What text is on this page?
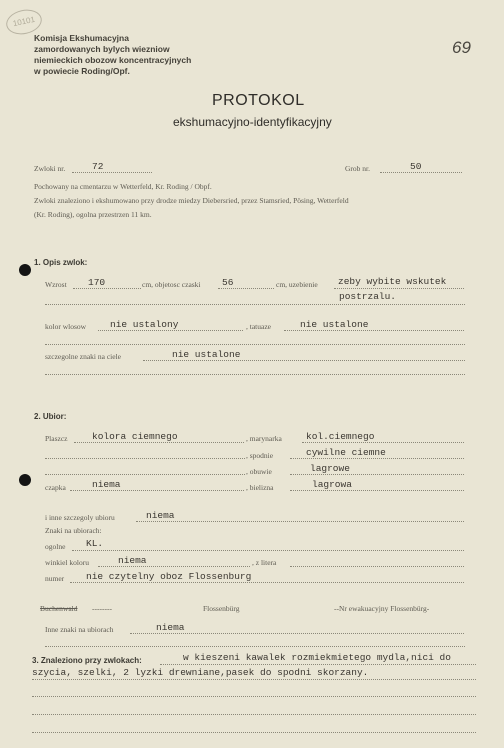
10101
69
Komisja Ekshumacyjna
zamordowanych bylych wiezniow
niemieckich obozow koncentracyjnych
w powiecie Roding/Opf.
PROTOKOL
ekshumacyjno-identyfikacyjny
Zwloki nr.	72	Grob nr.	50
Pochowany na cmentarzu w Wetterfeld, Kr. Roding / Obpf.
Zwloki znaleziono i ekshumowano przy drodze miedzy Diebersried, przez Stamsried, Pösing, Wetterfeld
(Kr. Roding), ogolna przestrzen 11 km.
1. Opis zwlok:
Wzrost 170	cm, objetosc czaski 56	cm, uzebienie zeby wybite wskutek
postrzalu.
kolor wlosow	nie ustalony	, tatuaze	nie ustalone
szczegolne znaki na ciele	nie ustalone
2. Ubior:
Plaszcz	kolora ciemnego	, marynarka	kol.ciemnego
, spodnie	cywilne ciemne
, obuwie	lagrowe
czapka	niema	, bielizna	lagrowa
i inne szczegoly ubioru	niema
Znaki na ubiorach:
ogolne KL.
winkiel koloru	niema	, z litera
numer nie czytelny oboz Flossenburg
Buchenwald --------	Flossenbürg	--Nr ewakuacyjny Flossenbürg-
Inne znaki na ubiorach	niema
3. Znaleziono przy zwlokach:	w kieszeni kawalek rozmiekmietego mydla,nici do
szycia, szelki, 2 lyzki drewniane,pasek do spodni skorzany.
